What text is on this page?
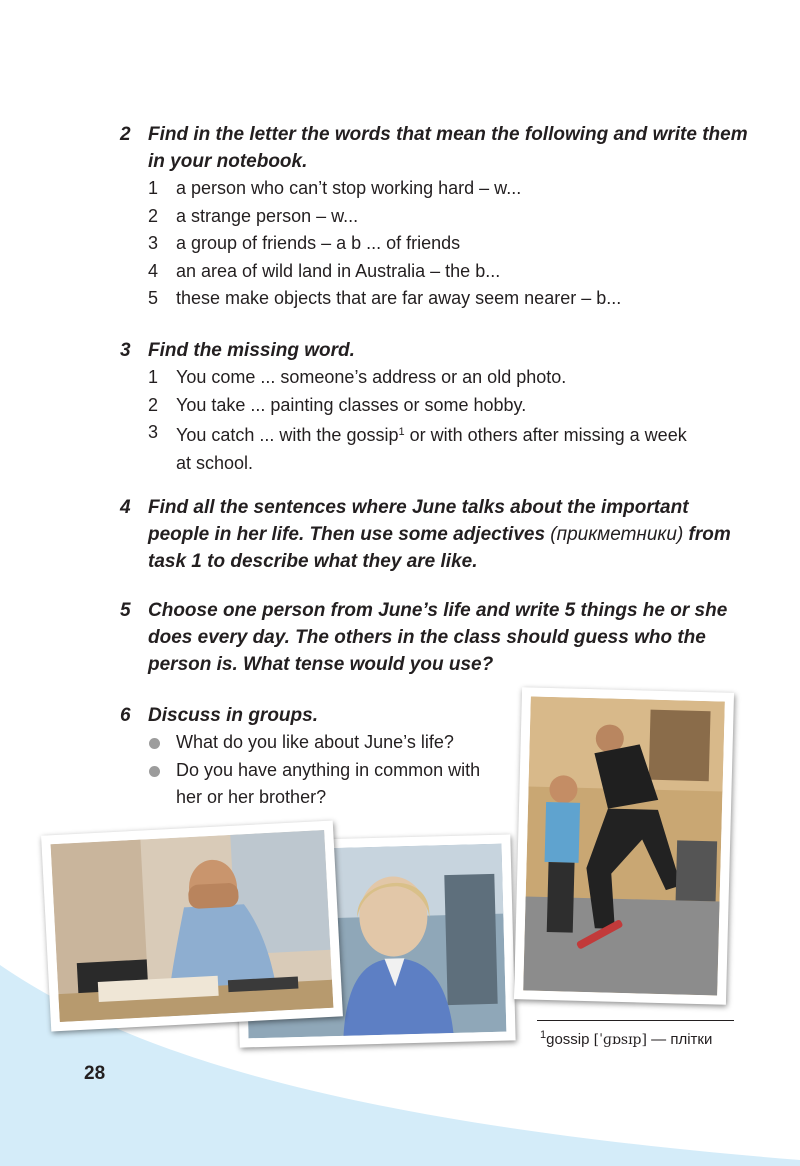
2 Find in the letter the words that mean the following and write them in your notebook.
1 a person who can’t stop working hard – w...
2 a strange person – w...
3 a group of friends – a b ... of friends
4 an area of wild land in Australia – the b...
5 these make objects that are far away seem nearer – b...
3 Find the missing word.
1 You come ... someone’s address or an old photo.
2 You take ... painting classes or some hobby.
3 You catch ... with the gossip$^1$ or with others after missing a week at school.
4 Find all the sentences where June talks about the important people in her life. Then use some adjectives (прикметники) from task 1 to describe what they are like.
5 Choose one person from June’s life and write 5 things he or she does every day. The others in the class should guess who the person is. What tense would you use?
6 Discuss in groups.
What do you like about June’s life?
Do you have anything in common with her or her brother?
$^1$gossip [ˈɡɒsɪp] — плітки
28
